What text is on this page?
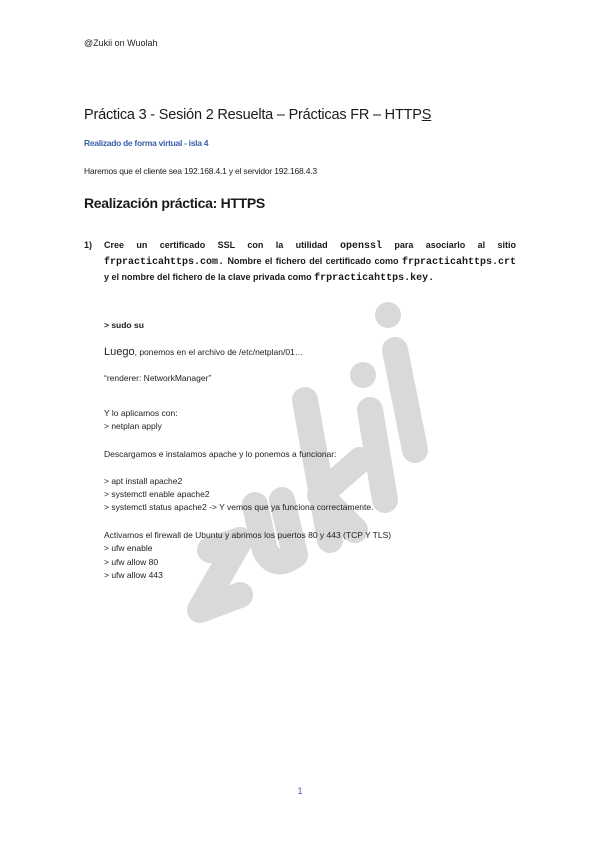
@Zukii on Wuolah
Práctica 3 - Sesión 2 Resuelta – Prácticas FR – HTTPS
Realizado de forma virtual - isla 4
Haremos que el cliente sea 192.168.4.1 y el servidor 192.168.4.3
Realización práctica: HTTPS
1) Cree un certificado SSL con la utilidad openssl para asociarlo al sitio frpracticahttps.com. Nombre el fichero del certificado como frpracticahttps.crt y el nombre del fichero de la clave privada como frpracticahttps.key.
> sudo su
Luego, ponemos en el archivo de /etc/netplan/01…
“renderer: NetworkManager”
Y lo aplicamos con:
> netplan apply
Descargamos e instalamos apache y lo ponemos a funcionar:
> apt install apache2
> systemctl enable apache2
> systemctl status apache2 -> Y vemos que ya funciona correctamente.
Activamos el firewall de Ubuntu y abrimos los puertos 80 y 443 (TCP Y TLS)
> ufw enable
> ufw allow 80
> ufw allow 443
1
